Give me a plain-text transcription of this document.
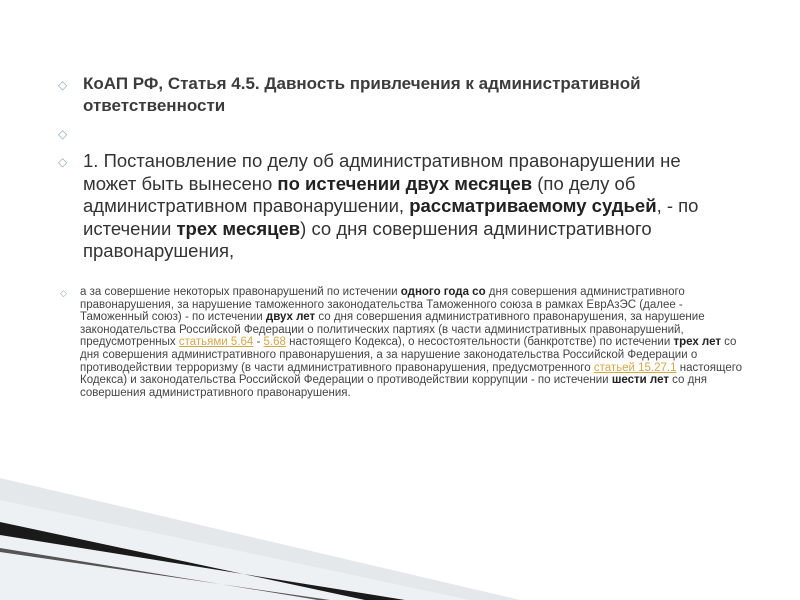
◇ КоАП РФ, Статья 4.5. Давность привлечения к административной ответственности
◇
◇ 1. Постановление по делу об административном правонарушении не может быть вынесено по истечении двух месяцев (по делу об административном правонарушении, рассматриваемому судьей, - по истечении трех месяцев) со дня совершения административного правонарушения,
◇	а за совершение некоторых правонарушений по истечении одного года со дня совершения административного правонарушения, за нарушение таможенного законодательства Таможенного союза в рамках ЕврАзЭС (далее - Таможенный союз) - по истечении двух лет со дня совершения административного правонарушения, за нарушение законодательства Российской Федерации о политических партиях (в части административных правонарушений, предусмотренных статьями 5.64 - 5.68 настоящего Кодекса), о несостоятельности (банкротстве) по истечении трех лет со дня совершения административного правонарушения, а за нарушение законодательства Российской Федерации о противодействии терроризму (в части административного правонарушения, предусмотренного статьей 15.27.1 настоящего Кодекса) и законодательства Российской Федерации о противодействии коррупции - по истечении шести лет со дня совершения административного правонарушения.
